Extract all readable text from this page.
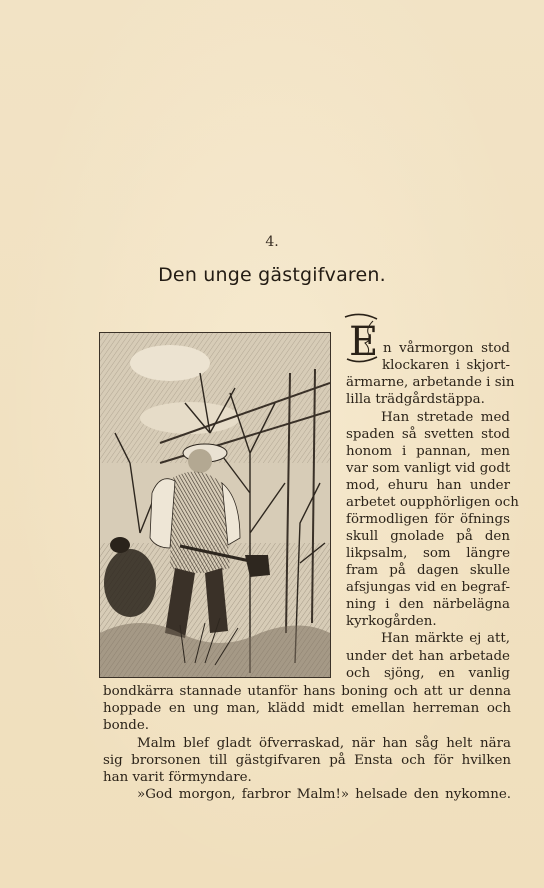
4.
Den unge gästgifvaren.
E n vårmorgon stod
klockaren i skjort-
ärmarne, arbetande i sin
lilla trädgårdstäppa.
Han stretade med
spaden så svetten stod
honom i pannan, men
var som vanligt vid godt
mod, ehuru han under
arbetet oupphörligen och
förmodligen för öfnings
skull gnolade på den
likpsalm, som längre
fram på dagen skulle
afsjungas vid en begraf-
ning i den närbelägna
kyrkogården.
Han märkte ej att,
under det han arbetade
och sjöng, en vanlig
bondkärra stannade utanför hans boning och att ur denna
hoppade en ung man, klädd midt emellan herreman och
bonde.
Malm blef gladt öfverraskad, när han såg helt nära
sig brorsonen till gästgifvaren på Ensta och för hvilken
han varit förmyndare.
»God morgon, farbror Malm!» helsade den nykomne.
